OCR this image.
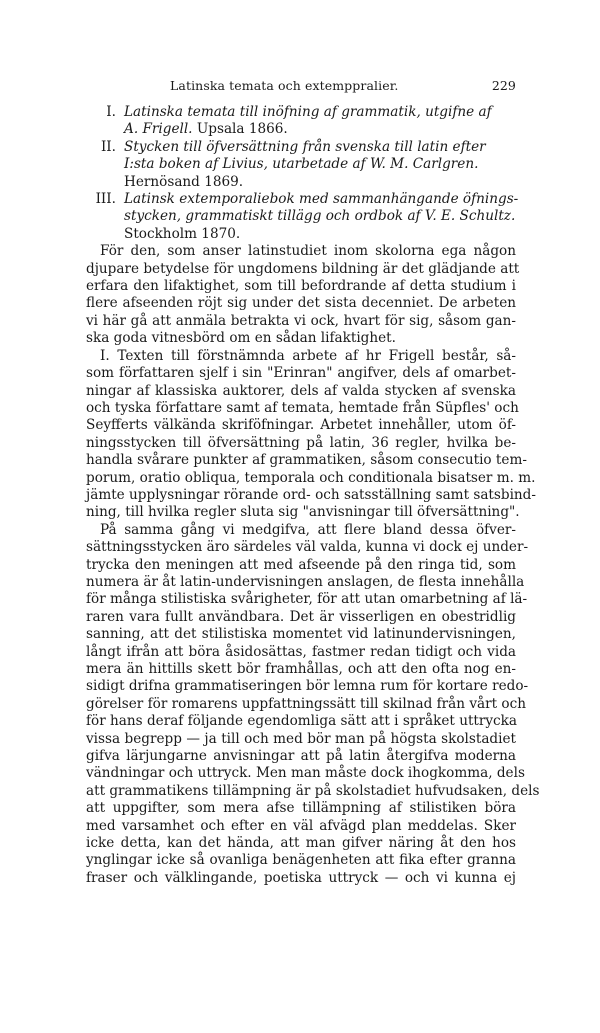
Latinska temata och extemppralier.	229
I. Latinska temata till inöfning af grammatik, utgifne af
A. Frigell. Upsala 1866.
II. Stycken till öfversättning från svenska till latin efter
I:sta boken af Livius, utarbetade af W. M. Carlgren.
Hernösand 1869.
III. Latinsk extemporaliebok med sammanhängande öfnings-
stycken, grammatiskt tillägg och ordbok af V. E. Schultz.
Stockholm 1870.
För den, som anser latinstudiet inom skolorna ega någon
djupare betydelse för ungdomens bildning är det glädjande att
erfara den lifaktighet, som till befordrande af detta studium i
flere afseenden röjt sig under det sista decenniet. De arbeten
vi här gå att anmäla betrakta vi ock, hvart för sig, såsom gan-
ska goda vitnesbörd om en sådan lifaktighet.
I. Texten till förstnämnda arbete af hr Frigell består, så-
som författaren sjelf i sin "Erinran" angifver, dels af omarbet-
ningar af klassiska auktorer, dels af valda stycken af svenska
och tyska författare samt af temata, hemtade från Süpfles' och
Seyfferts välkända skriföfningar. Arbetet innehåller, utom öf-
ningsstycken till öfversättning på latin, 36 regler, hvilka be-
handla svårare punkter af grammatiken, såsom consecutio tem-
porum, oratio obliqua, temporala och conditionala bisatser m. m.
jämte upplysningar rörande ord- och satsställning samt satsbind-
ning, till hvilka regler sluta sig "anvisningar till öfversättning".
På samma gång vi medgifva, att flere bland dessa öfver-
sättningsstycken äro särdeles väl valda, kunna vi dock ej under-
trycka den meningen att med afseende på den ringa tid, som
numera är åt latin-undervisningen anslagen, de flesta innehålla
för många stilistiska svårigheter, för att utan omarbetning af lä-
raren vara fullt användbara. Det är visserligen en obestridlig
sanning, att det stilistiska momentet vid latinundervisningen,
långt ifrån att böra åsidosättas, fastmer redan tidigt och vida
mera än hittills skett bör framhållas, och att den ofta nog en-
sidigt drifna grammatiseringen bör lemna rum för kortare redo-
görelser för romarens uppfattningssätt till skilnad från vårt och
för hans deraf följande egendomliga sätt att i språket uttrycka
vissa begrepp — ja till och med bör man på högsta skolstadiet
gifva lärjungarne anvisningar att på latin återgifva moderna
vändningar och uttryck. Men man måste dock ihogkomma, dels
att grammatikens tillämpning är på skolstadiet hufvudsaken, dels
att uppgifter, som mera afse tillämpning af stilistiken böra
med varsamhet och efter en väl afvägd plan meddelas. Sker
icke detta, kan det hända, att man gifver näring åt den hos
ynglingar icke så ovanliga benägenheten att fika efter granna
fraser och välklingande, poetiska uttryck — och vi kunna ej
